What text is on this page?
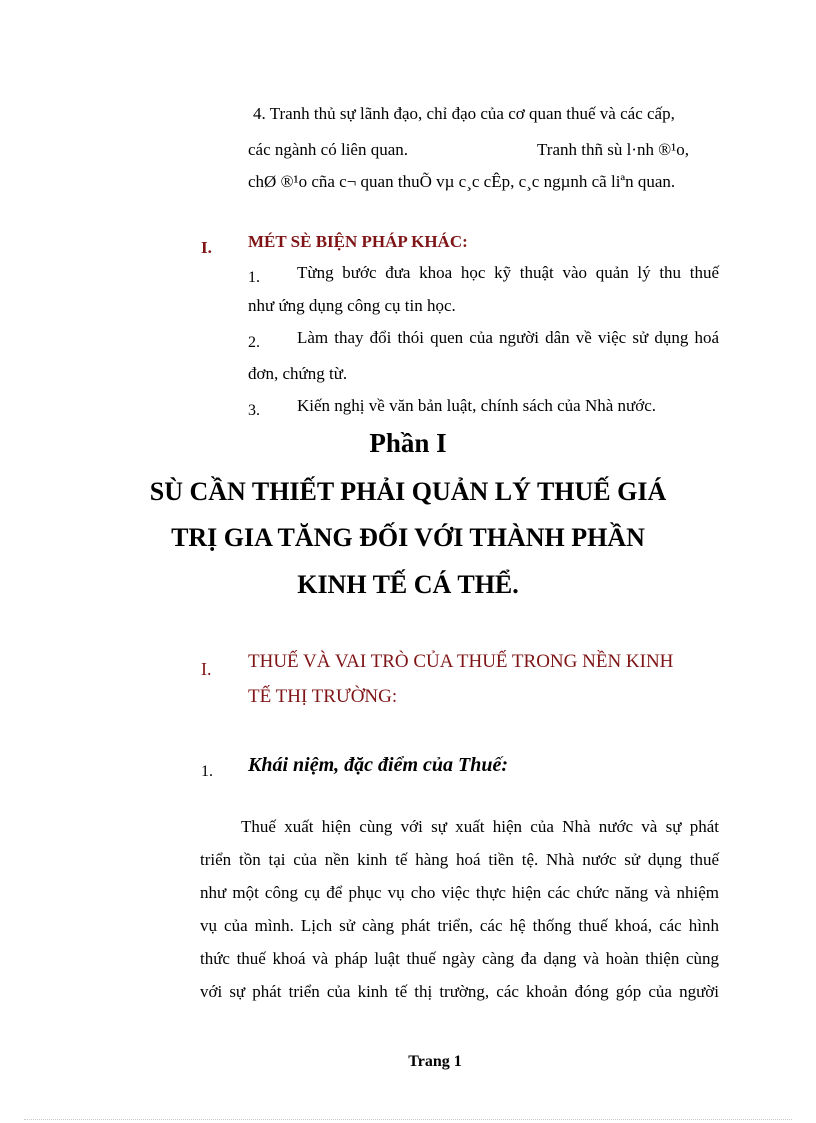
4. Tranh thủ sự lãnh đạo, chỉ đạo của cơ quan thuế và các cấp,
các ngành có liên quan.	Tranh thñ sù l·nh ®¹o,
chØ ®¹o cña c¬ quan thuÕ vµ c¸c cÊp, c¸c ngµnh cã liªn quan.
I. MÉT SÈ BIỆN PHÁP KHÁC:
1. Từng bước đưa khoa học kỹ thuật vào quản lý thu thuế
như ứng dụng công cụ tin học.
2. Làm thay đổi thói quen của người dân về việc sử dụng hoá
đơn, chứng từ.
3. Kiến nghị về văn bản luật, chính sách của Nhà nước.
Phần I
SÙ CẦN THIẾT PHẢI QUẢN LÝ THUẾ GIÁ
TRỊ GIA TĂNG ĐỐI VỚI THÀNH PHẦN
KINH TẾ CÁ THỂ.
I. THUẾ VÀ VAI TRÒ CỦA THUẾ TRONG NỀN KINH
TẾ THỊ TRƯỜNG:
1. Khái niệm, đặc điểm của Thuế:
Thuế xuất hiện cùng với sự xuất hiện của Nhà nước và sự phát
triển tồn tại của nền kinh tế hàng hoá tiền tệ. Nhà nước sử dụng thuế
như một công cụ để phục vụ cho việc thực hiện các chức năng và nhiệm
vụ của mình. Lịch sử càng phát triển, các hệ thống thuế khoá, các hình
thức thuế khoá và pháp luật thuế ngày càng đa dạng và hoàn thiện cùng
với sự phát triển của kinh tế thị trường, các khoản đóng góp của người
Trang 1
